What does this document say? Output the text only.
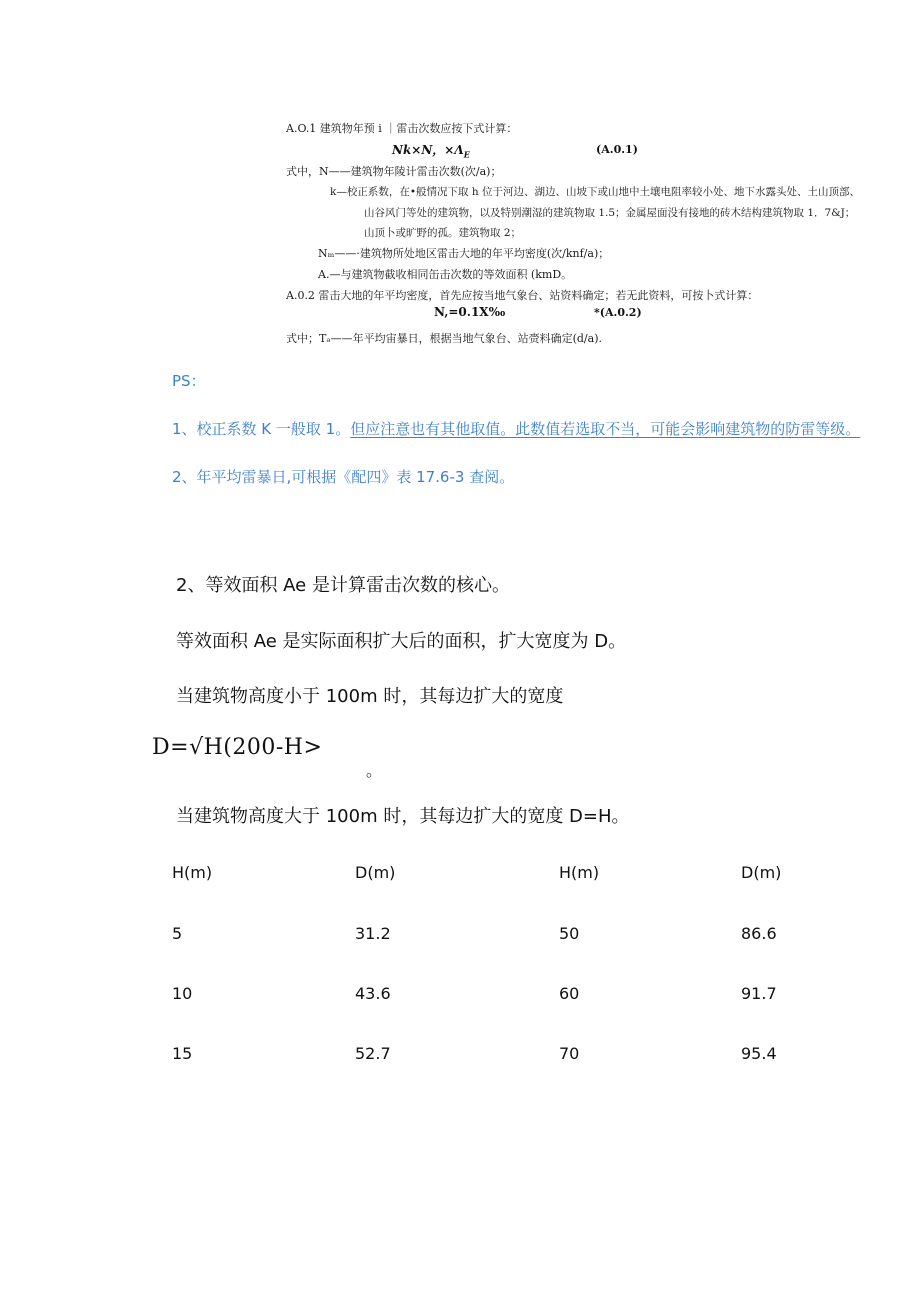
A.O.1 建筑物年预 i ｜雷击次数应按下式计算：
Nk×N，$\times\Lambda_E$	(A.0.1)
式中，N——建筑物年陵计雷击次数(次/a)；
k—校正系数，在•般情况下取 h 位于河边、湖边、山坡下或山地中土壤电阻率较小处、地下水露头处、土山顶部、
山谷风门等处的建筑物，以及特别潮湿的建筑物取 1.5；金属屋面没有接地的砖木结构建筑物取 1．7&J；
山顶卜或旷野的孤。建筑物取 2；
Nₘ——·建筑物所处地区雷击大地的年平均密度(次/knf/a)；
A.—与建筑物截收相同缶击次数的等效面积 (kmD。
A.0.2 雷击大地的年平均密度，首先应按当地气象台、站资料确定；若无此资料，可按卜式计算：
N,=0.1X‰	*(A.0.2)
式中；Tₔ——年平均宙暴日，根据当地气象台、站赍料确定(d/a).
PS：
1、校正系数 K 一般取 1。但应注意也有其他取值。此数值若选取不当，可能会影响建筑物的防雷等级。
2、年平均雷暴日,可根据《配四》表 17.6-3 查阅。
2、等效面积 Ae 是计算雷击次数的核心。
等效面积 Ae 是实际面积扩大后的面积，扩大宽度为 D。
当建筑物高度小于 100m 时，其每边扩大的宽度
D=√H(200-H>
。
当建筑物高度大于 100m 时，其每边扩大的宽度 D=H。
H(m)	D(m)	H(m)	D(m)
5	31.2	50	86.6
10	43.6	60	91.7
15	52.7	70	95.4
